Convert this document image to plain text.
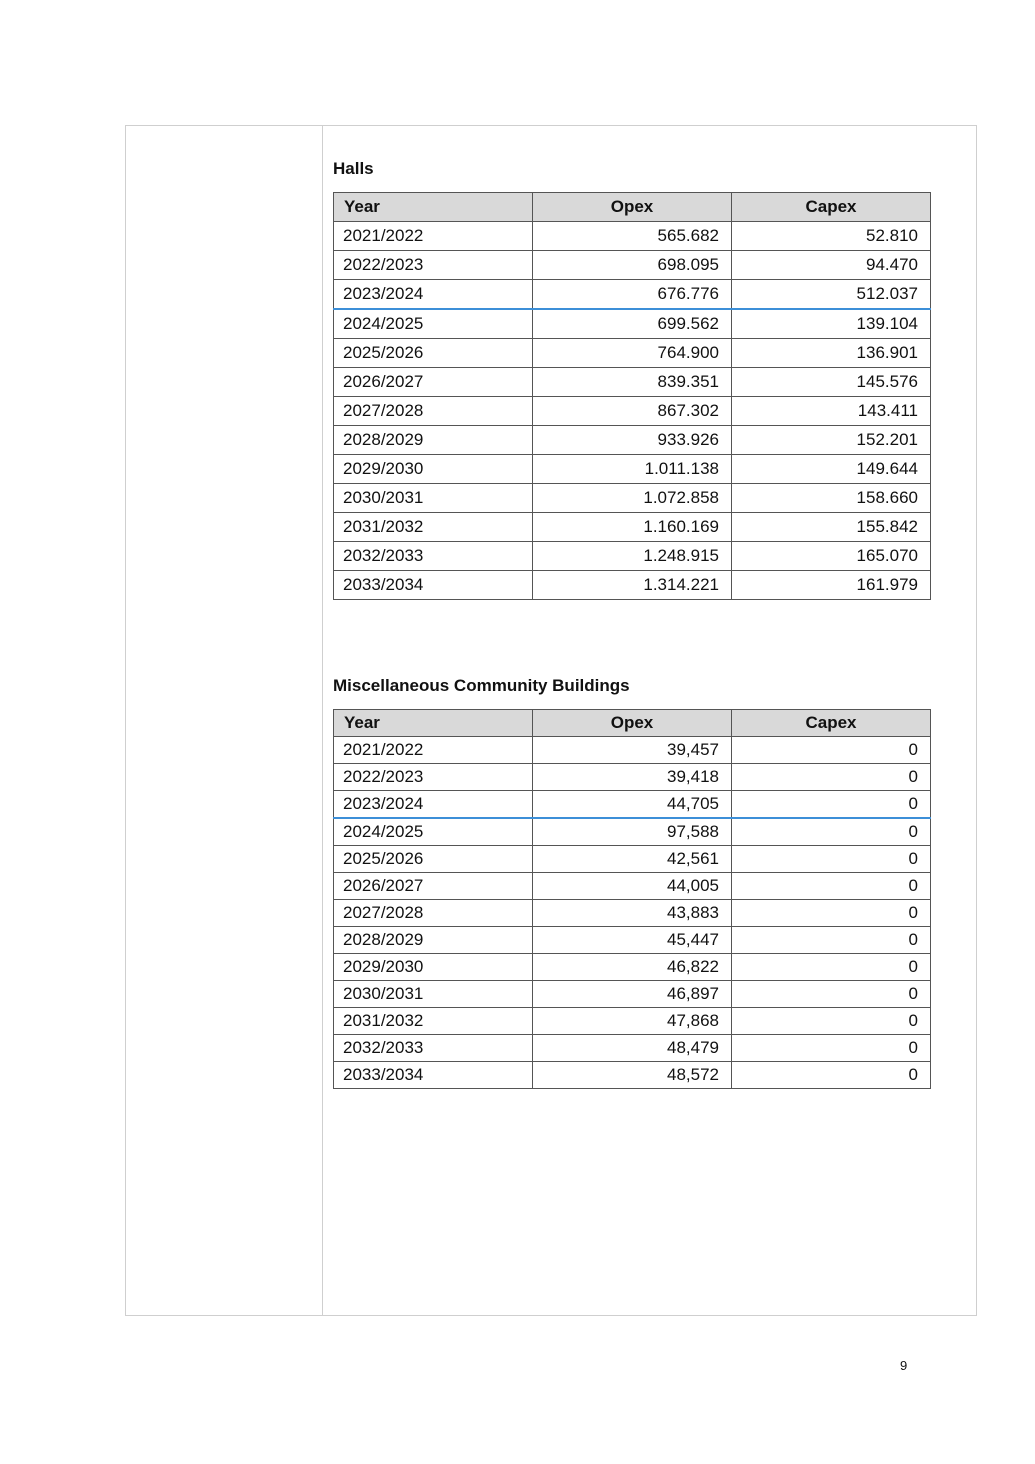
Halls
Year	Opex	Capex
2021/2022	565.682	52.810
2022/2023	698.095	94.470
2023/2024	676.776	512.037
2024/2025	699.562	139.104
2025/2026	764.900	136.901
2026/2027	839.351	145.576
2027/2028	867.302	143.411
2028/2029	933.926	152.201
2029/2030	1.011.138	149.644
2030/2031	1.072.858	158.660
2031/2032	1.160.169	155.842
2032/2033	1.248.915	165.070
2033/2034	1.314.221	161.979
Miscellaneous Community Buildings
Year	Opex	Capex
2021/2022	39,457	0
2022/2023	39,418	0
2023/2024	44,705	0
2024/2025	97,588	0
2025/2026	42,561	0
2026/2027	44,005	0
2027/2028	43,883	0
2028/2029	45,447	0
2029/2030	46,822	0
2030/2031	46,897	0
2031/2032	47,868	0
2032/2033	48,479	0
2033/2034	48,572	0
9
